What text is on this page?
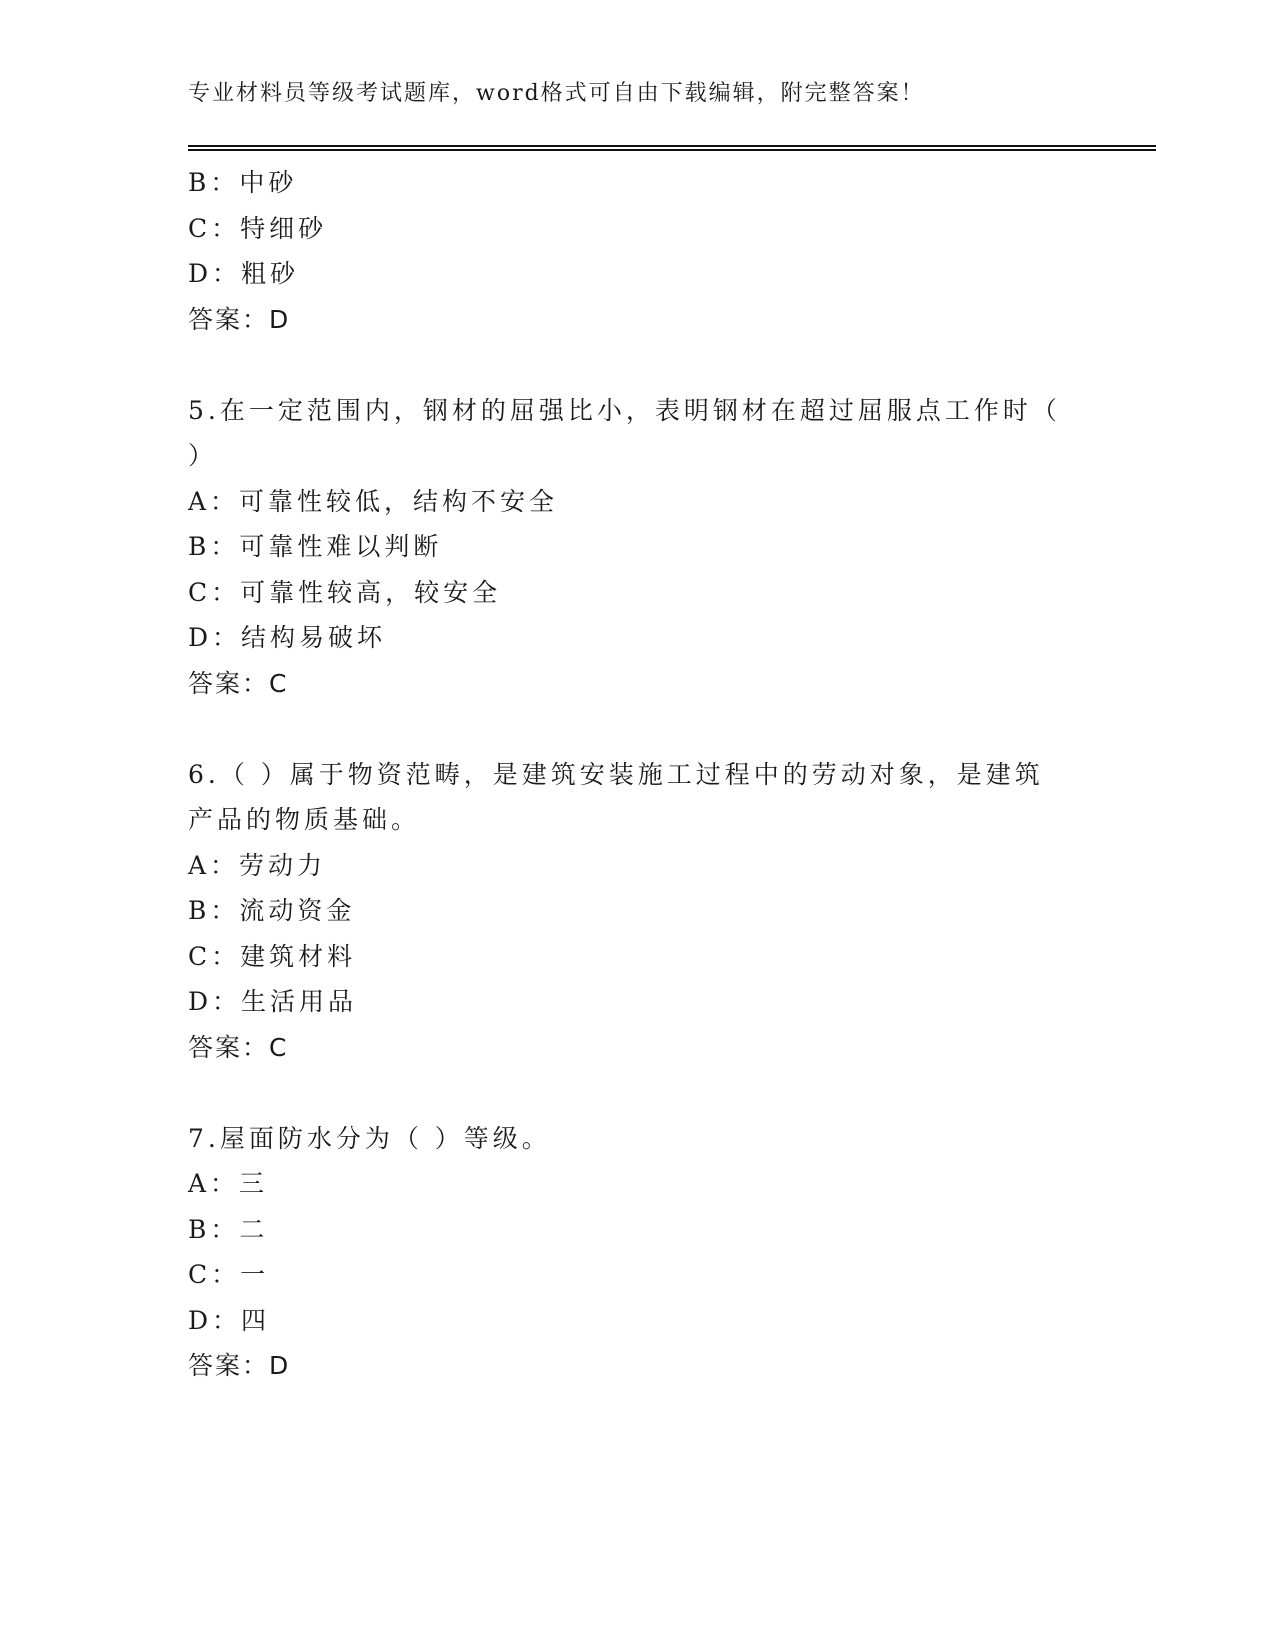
专业材料员等级考试题库，word格式可自由下载编辑，附完整答案！
B：中砂
C：特细砂
D：粗砂
答案：D
5.在一定范围内，钢材的屈强比小，表明钢材在超过屈服点工作时（ ）
A：可靠性较低，结构不安全
B：可靠性难以判断
C：可靠性较高，较安全
D：结构易破坏
答案：C
6.（ ）属于物资范畴，是建筑安装施工过程中的劳动对象，是建筑产品的物质基础。
A：劳动力
B：流动资金
C：建筑材料
D：生活用品
答案：C
7.屋面防水分为（ ）等级。
A：三
B：二
C：一
D：四
答案：D
